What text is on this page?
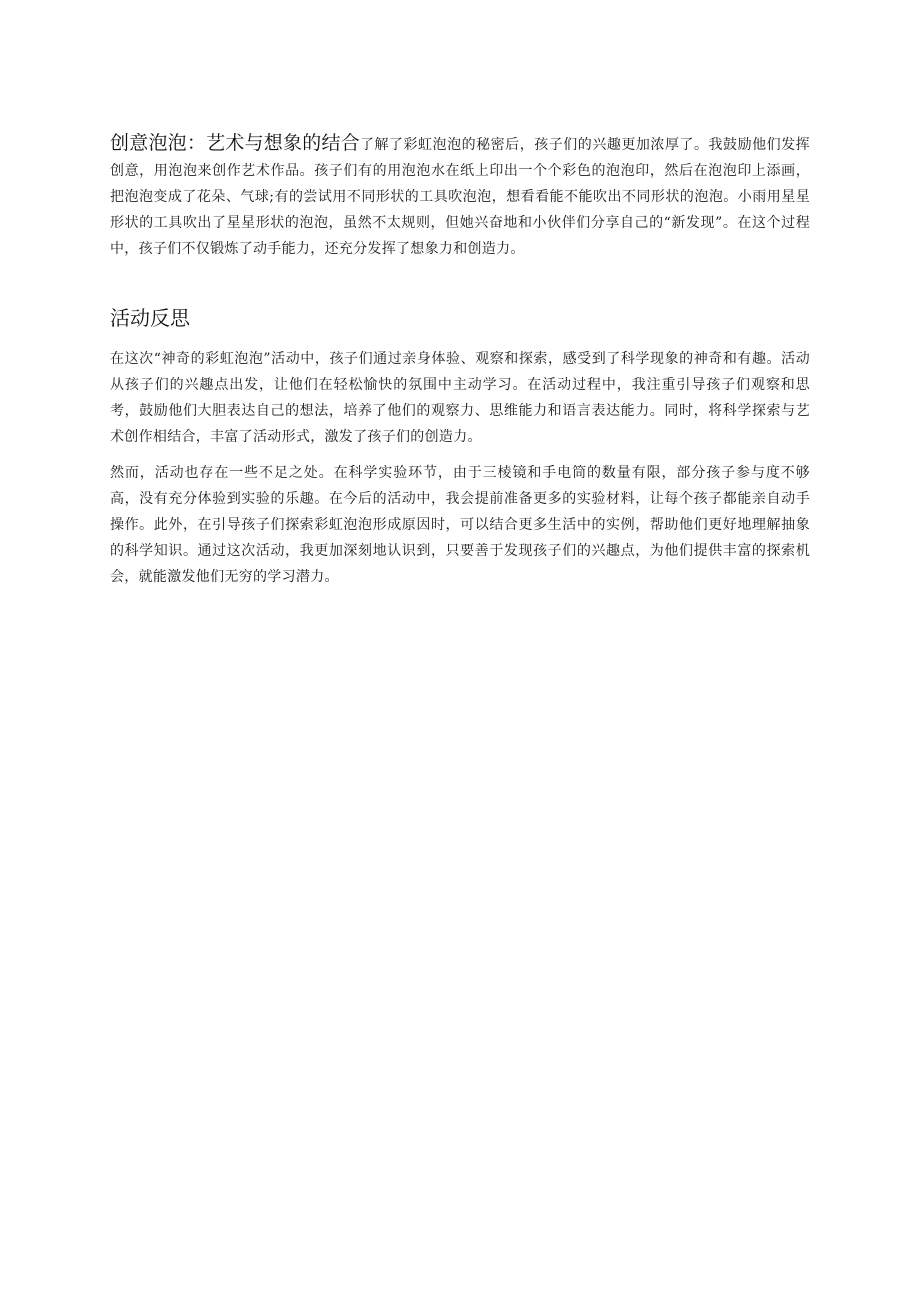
创意泡泡：艺术与想象的结合了解了彩虹泡泡的秘密后，孩子们的兴趣更加浓厚了。我鼓励他们发挥创意，用泡泡来创作艺术作品。孩子们有的用泡泡水在纸上印出一个个彩色的泡泡印，然后在泡泡印上添画，把泡泡变成了花朵、气球;有的尝试用不同形状的工具吹泡泡，想看看能不能吹出不同形状的泡泡。小雨用星星形状的工具吹出了星星形状的泡泡，虽然不太规则，但她兴奋地和小伙伴们分享自己的“新发现”。在这个过程中，孩子们不仅锻炼了动手能力，还充分发挥了想象力和创造力。

活动反思

在这次“神奇的彩虹泡泡”活动中，孩子们通过亲身体验、观察和探索，感受到了科学现象的神奇和有趣。活动从孩子们的兴趣点出发，让他们在轻松愉快的氛围中主动学习。在活动过程中，我注重引导孩子们观察和思考，鼓励他们大胆表达自己的想法，培养了他们的观察力、思维能力和语言表达能力。同时，将科学探索与艺术创作相结合，丰富了活动形式，激发了孩子们的创造力。

然而，活动也存在一些不足之处。在科学实验环节，由于三棱镜和手电筒的数量有限，部分孩子参与度不够高，没有充分体验到实验的乐趣。在今后的活动中，我会提前准备更多的实验材料，让每个孩子都能亲自动手操作。此外，在引导孩子们探索彩虹泡泡形成原因时，可以结合更多生活中的实例，帮助他们更好地理解抽象的科学知识。通过这次活动，我更加深刻地认识到，只要善于发现孩子们的兴趣点，为他们提供丰富的探索机会，就能激发他们无穷的学习潜力。
